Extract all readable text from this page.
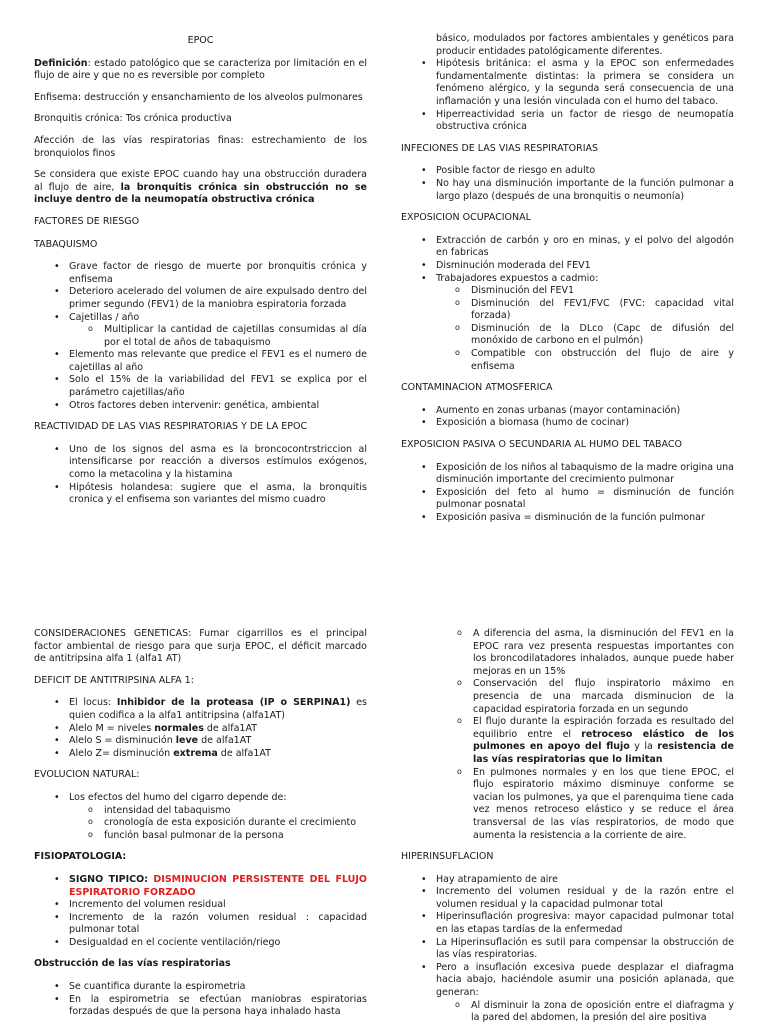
EPOC

Definición: estado patológico que se caracteriza por limitación en el flujo de aire y que no es reversible por completo

Enfisema: destrucción y ensanchamiento de los alveolos pulmonares

Bronquitis crónica: Tos crónica productiva

Afección de las vías respiratorias finas: estrechamiento de los bronquiolos finos

Se considera que existe EPOC cuando hay una obstrucción duradera al flujo de aire, la bronquitis crónica sin obstrucción no se incluye dentro de la neumopatía obstructiva crónica

FACTORES DE RIESGO

TABAQUISMO

• Grave factor de riesgo de muerte por bronquitis crónica y enfisema
• Deterioro acelerado del volumen de aire expulsado dentro del primer segundo (FEV1) de la maniobra espiratoria forzada
• Cajetillas / año
o Multiplicar la cantidad de cajetillas consumidas al día por el total de años de tabaquismo
• Elemento mas relevante que predice el FEV1 es el numero de cajetillas al año
• Solo el 15% de la variabilidad del FEV1 se explica por el parámetro cajetillas/año
• Otros factores deben intervenir: genética, ambiental

REACTIVIDAD DE LAS VIAS RESPIRATORIAS Y DE LA EPOC

• Uno de los signos del asma es la broncocontrstriccion al intensificarse por reacción a diversos estímulos exógenos, como la metacolina y la histamina
• Hipótesis holandesa: sugiere que el asma, la bronquitis cronica y el enfisema son variantes del mismo cuadro

básico, modulados por factores ambientales y genéticos para producir entidades patológicamente diferentes.

• Hipótesis británica: el asma y la EPOC son enfermedades fundamentalmente distintas: la primera se considera un fenómeno alérgico, y la segunda será consecuencia de una inflamación y una lesión vinculada con el humo del tabaco.
• Hiperreactividad seria un factor de riesgo de neumopatía obstructiva crónica

INFECIONES DE LAS VIAS RESPIRATORIAS

• Posible factor de riesgo en adulto
• No hay una disminución importante de la función pulmonar a largo plazo (después de una bronquitis o neumonía)

EXPOSICION OCUPACIONAL

• Extracción de carbón y oro en minas, y el polvo del algodón en fabricas
• Disminución moderada del FEV1
• Trabajadores expuestos a cadmio:
o Disminución del FEV1
o Disminución del FEV1/FVC (FVC: capacidad vital forzada)
o Disminución de la DLco (Capc de difusión del monóxido de carbono en el pulmón)
o Compatible con obstrucción del flujo de aire y enfisema

CONTAMINACION ATMOSFERICA

• Aumento en zonas urbanas (mayor contaminación)
• Exposición a biomasa (humo de cocinar)

EXPOSICION PASIVA O SECUNDARIA AL HUMO DEL TABACO

• Exposición de los niños al tabaquismo de la madre origina una disminución importante del crecimiento pulmonar
• Exposición del feto al humo = disminución de función pulmonar posnatal
• Exposición pasiva = disminución de la función pulmonar

CONSIDERACIONES GENETICAS: Fumar cigarrillos es el principal factor ambiental de riesgo para que surja EPOC, el déficit marcado de antitripsina alfa 1 (alfa1 AT)

DEFICIT DE ANTITRIPSINA ALFA 1:

• El locus: Inhibidor de la proteasa (IP o SERPINA1) es quien codifica a la alfa1 antitripsina (alfa1AT)
• Alelo M = niveles normales de alfa1AT
• Alelo S = disminución leve de alfa1AT
• Alelo Z= disminución extrema de alfa1AT

EVOLUCION NATURAL:

• Los efectos del humo del cigarro depende de:
o intensidad del tabaquismo
o cronología de esta exposición durante el crecimiento
o función basal pulmonar de la persona

FISIOPATOLOGIA:

• SIGNO TIPICO: DISMINUCION PERSISTENTE DEL FLUJO ESPIRATORIO FORZADO
• Incremento del volumen residual
• Incremento de la razón volumen residual : capacidad pulmonar total
• Desigualdad en el cociente ventilación/riego

Obstrucción de las vías respiratorias

• Se cuantifica durante la espirometria
• En la espirometria se efectúan maniobras espiratorias forzadas después de que la persona haya inhalado hasta
o A diferencia del asma, la disminución del FEV1 en la EPOC rara vez presenta respuestas importantes con los broncodilatadores inhalados, aunque puede haber mejoras en un 15%
o Conservación del flujo inspiratorio máximo en presencia de una marcada disminucion de la capacidad espiratoria forzada en un segundo
o El flujo durante la espiración forzada es resultado del equilibrio entre el retroceso elástico de los pulmones en apoyo del flujo y la resistencia de las vías respiratorias que lo limitan
o En pulmones normales y en los que tiene EPOC, el flujo espiratorio máximo disminuye conforme se vacian los pulmones, ya que el parenquima tiene cada vez menos retroceso elástico y se reduce el área transversal de las vías respiratorios, de modo que aumenta la resistencia a la corriente de aire.

HIPERINSUFLACION

• Hay atrapamiento de aire
• Incremento del volumen residual y de la razón entre el volumen residual y la capacidad pulmonar total
• Hiperinsuflación progresiva: mayor capacidad pulmonar total en las etapas tardías de la enfermedad
• La Hiperinsuflación es sutil para compensar la obstrucción de las vías respiratorias.
• Pero a insuflación excesiva puede desplazar el diafragma hacia abajo, haciéndole asumir una posición aplanada, que generan:
o Al disminuir la zona de oposición entre el diafragma y la pared del abdomen, la presión del aire positiva
